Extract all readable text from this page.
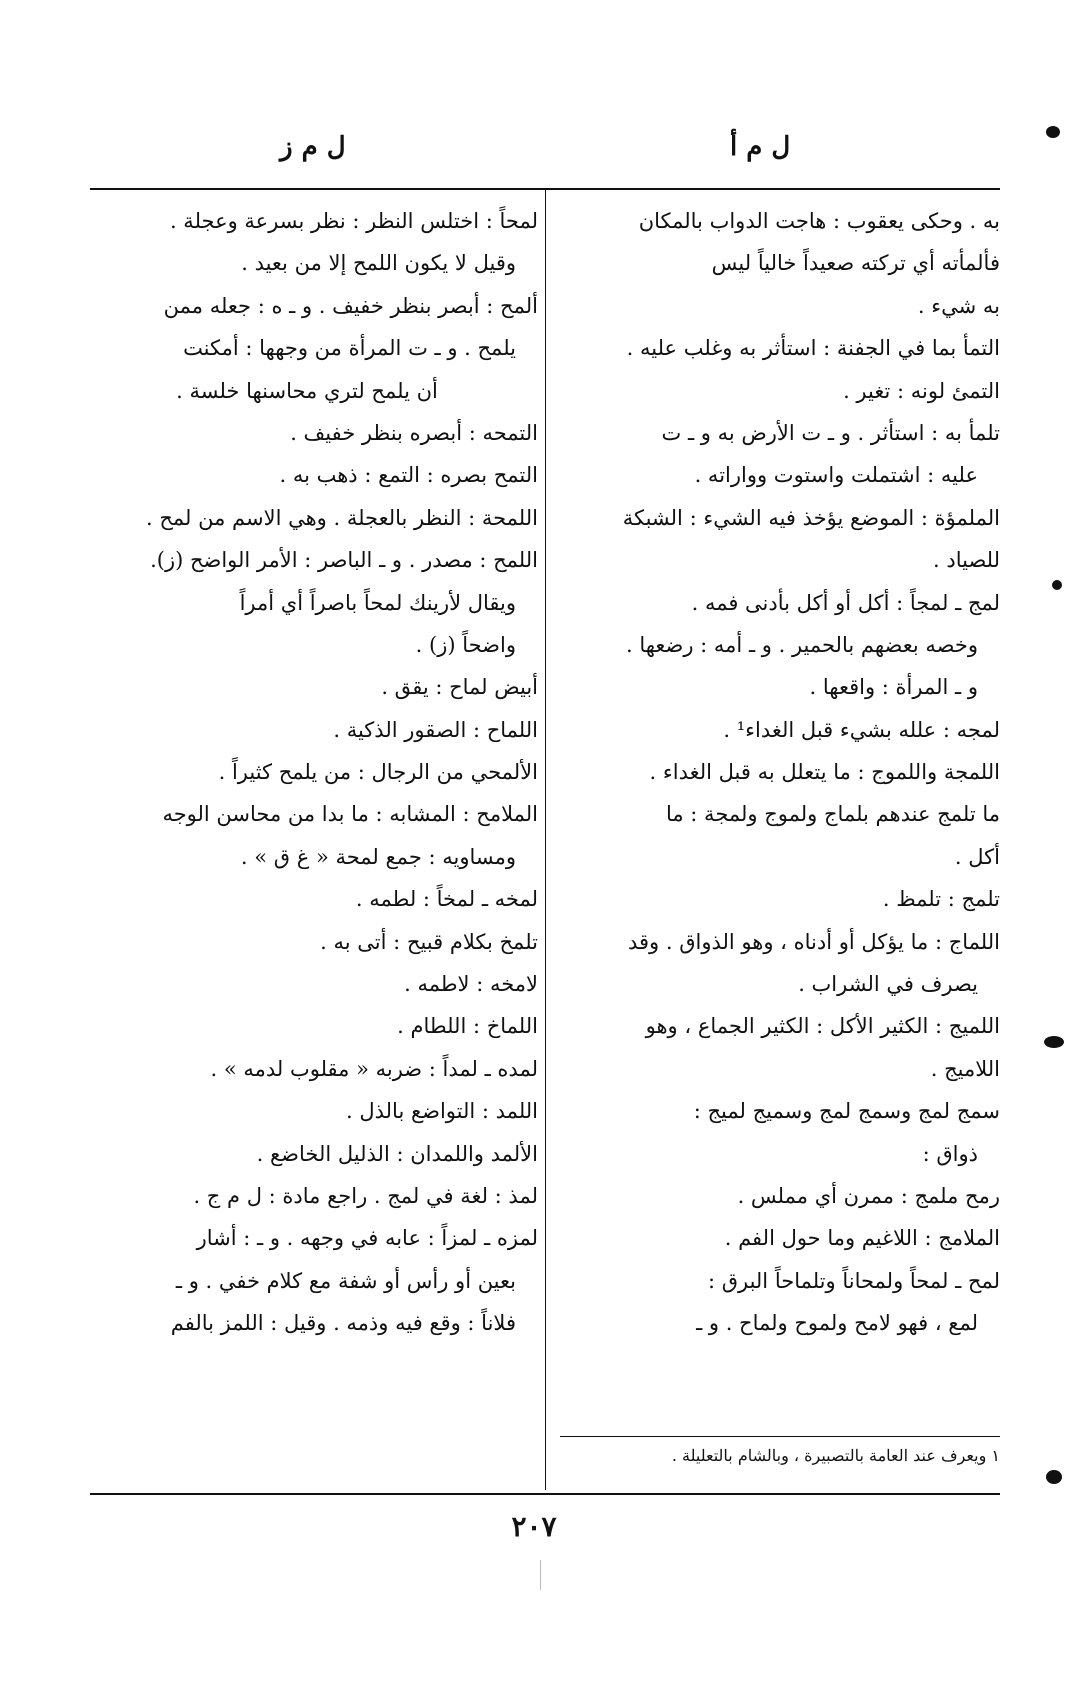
ل م أ
ل م ز
به . وحكى يعقوب : هاجت الدواب بالمكان
فألمأته أي تركته صعيداً خالياً ليس
به شيء .
التمأ بما في الجفنة : استأثر به وغلب عليه .
التمئ لونه : تغير .
تلمأ به : استأثر . و ـ ت الأرض به و ـ ت
عليه : اشتملت واستوت وواراته .
الملمؤة : الموضع يؤخذ فيه الشيء : الشبكة
للصياد .
لمج ـ لمجاً : أكل أو أكل بأدنى فمه .
وخصه بعضهم بالحمير . و ـ أمه : رضعها .
و ـ المرأة : واقعها .
لمجه : علله بشيء قبل الغداء¹ .
اللمجة واللموج : ما يتعلل به قبل الغداء .
ما تلمج عندهم بلماج ولموج ولمجة : ما
أكل .
تلمج : تلمظ .
اللماج : ما يؤكل أو أدناه ، وهو الذواق . وقد
يصرف في الشراب .
اللميج : الكثير الأكل : الكثير الجماع ، وهو
اللاميج .
سمج لمج وسمج لمج وسميج لميج :
ذواق :
رمح ملمج : ممرن أي مملس .
الملامج : اللاغيم وما حول الفم .
لمح ـ لمحاً ولمحاناً وتلماحاً البرق :
لمع ، فهو لامح ولموح ولماح . و ـ
لمحاً : اختلس النظر : نظر بسرعة وعجلة .
وقيل لا يكون اللمح إلا من بعيد .
ألمح : أبصر بنظر خفيف . و ـ ه : جعله ممن
يلمح . و ـ ت المرأة من وجهها : أمكنت
أن يلمح لتري محاسنها خلسة .
التمحه : أبصره بنظر خفيف .
التمح بصره : التمع : ذهب به .
اللمحة : النظر بالعجلة . وهي الاسم من لمح .
اللمح : مصدر . و ـ الباصر : الأمر الواضح (ز).
ويقال لأرينك لمحاً باصراً أي أمراً
واضحاً (ز) .
أبيض لماح : يقق .
اللماح : الصقور الذكية .
الألمحي من الرجال : من يلمح كثيراً .
الملامح : المشابه : ما بدا من محاسن الوجه
ومساويه : جمع لمحة « غ ق » .
لمخه ـ لمخاً : لطمه .
تلمخ بكلام قبيح : أتى به .
لامخه : لاطمه .
اللماخ : اللطام .
لمده ـ لمداً : ضربه « مقلوب لدمه » .
اللمد : التواضع بالذل .
الألمد واللمدان : الذليل الخاضع .
لمذ : لغة في لمج . راجع مادة : ل م ج .
لمزه ـ لمزاً : عابه في وجهه . و ـ : أشار
بعين أو رأس أو شفة مع كلام خفي . و ـ
فلاناً : وقع فيه وذمه . وقيل : اللمز بالفم
١ ويعرف عند العامة بالتصبيرة ، وبالشام بالتعليلة .
٢٠٧
